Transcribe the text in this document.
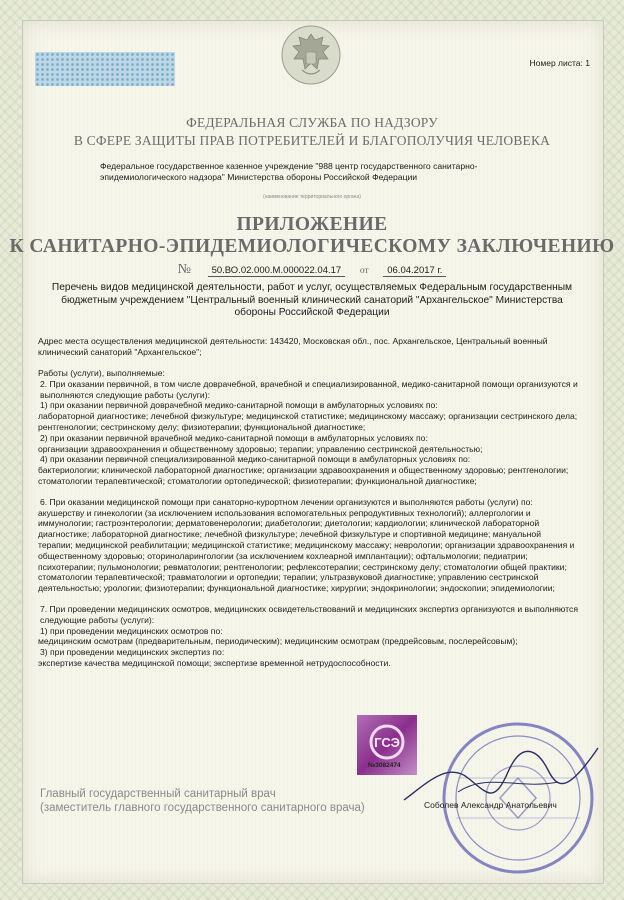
Номер листа: 1
ФЕДЕРАЛЬНАЯ СЛУЖБА ПО НАДЗОРУ
В СФЕРЕ ЗАЩИТЫ ПРАВ ПОТРЕБИТЕЛЕЙ И БЛАГОПОЛУЧИЯ ЧЕЛОВЕКА
Федеральное государственное казенное учреждение "988 центр государственного санитарно-эпидемиологического надзора" Министерства обороны Российской Федерации
(наименование территориального органа)
ПРИЛОЖЕНИЕ
К САНИТАРНО-ЭПИДЕМИОЛОГИЧЕСКОМУ ЗАКЛЮЧЕНИЮ
№ 50.ВО.02.000.М.000022.04.17 от 06.04.2017 г.
Перечень видов медицинской деятельности, работ и услуг, осуществляемых Федеральным государственным бюджетным учреждением "Центральный военный клинический санаторий "Архангельское" Министерства обороны Российской Федерации
Адрес места осуществления медицинской деятельности: 143420, Московская обл., пос. Архангельское, Центральный военный клинический санаторий "Архангельское";

Работы (услуги), выполняемые:

2. При оказании первичной, в том числе доврачебной, врачебной и специализированной, медико-санитарной помощи организуются и выполняются следующие работы (услуги):

1) при оказании первичной доврачебной медико-санитарной помощи в амбулаторных условиях по:

лабораторной диагностике; лечебной физкультуре; медицинской статистике; медицинскому массажу; организации сестринского дела; рентгенологии; сестринскому делу; физиотерапии; функциональной диагностике;

2) при оказании первичной врачебной медико-санитарной помощи в амбулаторных условиях по:

организации здравоохранения и общественному здоровью; терапии; управлению сестринской деятельностью;

4) при оказании первичной специализированной медико-санитарной помощи в амбулаторных условиях по:

бактериологии; клинической лабораторной диагностике; организации здравоохранения и общественному здоровью; рентгенологии; стоматологии терапевтической; стоматологии ортопедической; физиотерапии; функциональной диагностике;

6. При оказании медицинской помощи при санаторно-курортном лечении организуются и выполняются работы (услуги) по:

акушерству и гинекологии (за исключением использования вспомогательных репродуктивных технологий); аллергологии и иммунологии; гастроэнтерологии; дерматовенерологии; диабетологии; диетологии; кардиологии; клинической лабораторной диагностике; лабораторной диагностике; лечебной физкультуре; лечебной физкультуре и спортивной медицине; мануальной терапии; медицинской реабилитации; медицинской статистике; медицинскому массажу; неврологии; организации здравоохранения и общественному здоровью; оториноларингологии (за исключением кохлеарной имплантации); офтальмологии; педиатрии; психотерапии; пульмонологии; ревматологии; рентгенологии; рефлексотерапии; сестринскому делу; стоматологии общей практики; стоматологии терапевтической; травматологии и ортопедии; терапии; ультразвуковой диагностике; управлению сестринской деятельностью; урологии; физиотерапии; функциональной диагностике; хирургии; эндокринологии; эндоскопии; эпидемиологии;

7. При проведении медицинских осмотров, медицинских освидетельствований и медицинских экспертиз организуются и выполняются следующие работы (услуги):

1) при проведении медицинских осмотров по:

медицинским осмотрам (предварительным, периодическим); медицинским осмотрам (предрейсовым, послерейсовым);

3) при проведении медицинских экспертиз по:

экспертизе качества медицинской помощи; экспертизе временной нетрудоспособности.

ГСЭ
№3082474
Главный государственный санитарный врач
(заместитель главного государственного санитарного врача)	Соболев Александр Анатольевич
